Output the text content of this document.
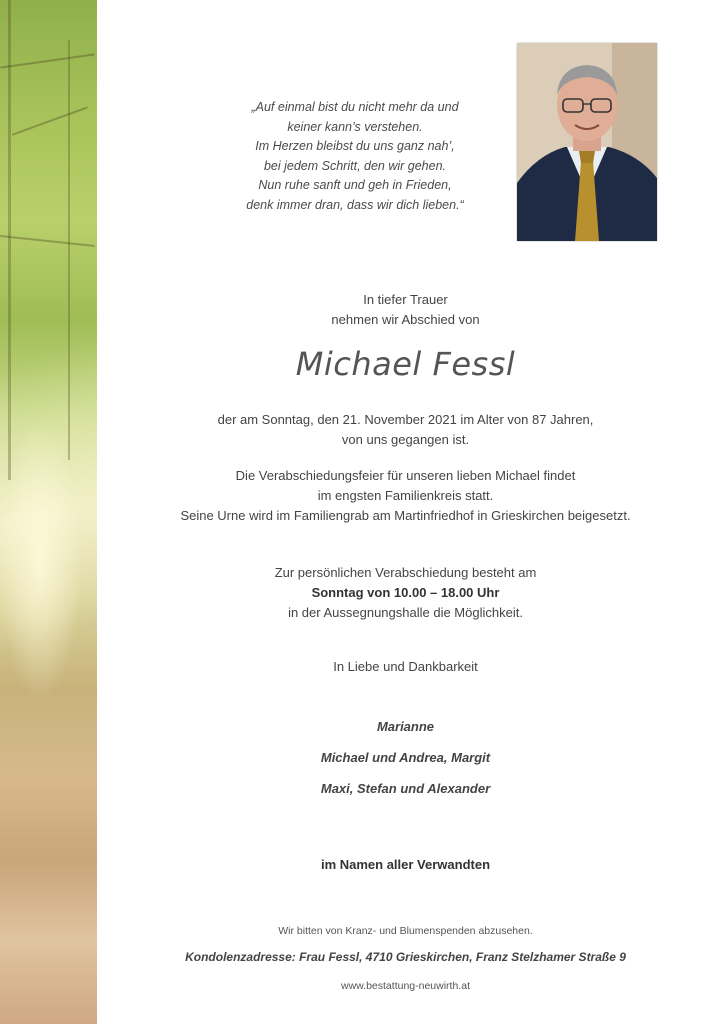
„Auf einmal bist du nicht mehr da und
keiner kann’s verstehen.
Im Herzen bleibst du uns ganz nah’,
bei jedem Schritt, den wir gehen.
Nun ruhe sanft und geh in Frieden,
denk immer dran, dass wir dich lieben.“
In tiefer Trauer
nehmen wir Abschied von
Michael Fessl
der am Sonntag, den 21. November 2021 im Alter von 87 Jahren,
von uns gegangen ist.
Die Verabschiedungsfeier für unseren lieben Michael findet
im engsten Familienkreis statt.
Seine Urne wird im Familiengrab am Martinfriedhof in Grieskirchen beigesetzt.
Zur persönlichen Verabschiedung besteht am
Sonntag von 10.00 – 18.00 Uhr
in der Aussegnungshalle die Möglichkeit.
In Liebe und Dankbarkeit
Marianne
Michael und Andrea, Margit
Maxi, Stefan und Alexander
im Namen aller Verwandten
Wir bitten von Kranz- und Blumenspenden abzusehen.
Kondolenzadresse: Frau Fessl, 4710 Grieskirchen, Franz Stelzhamer Straße 9
www.bestattung-neuwirth.at
